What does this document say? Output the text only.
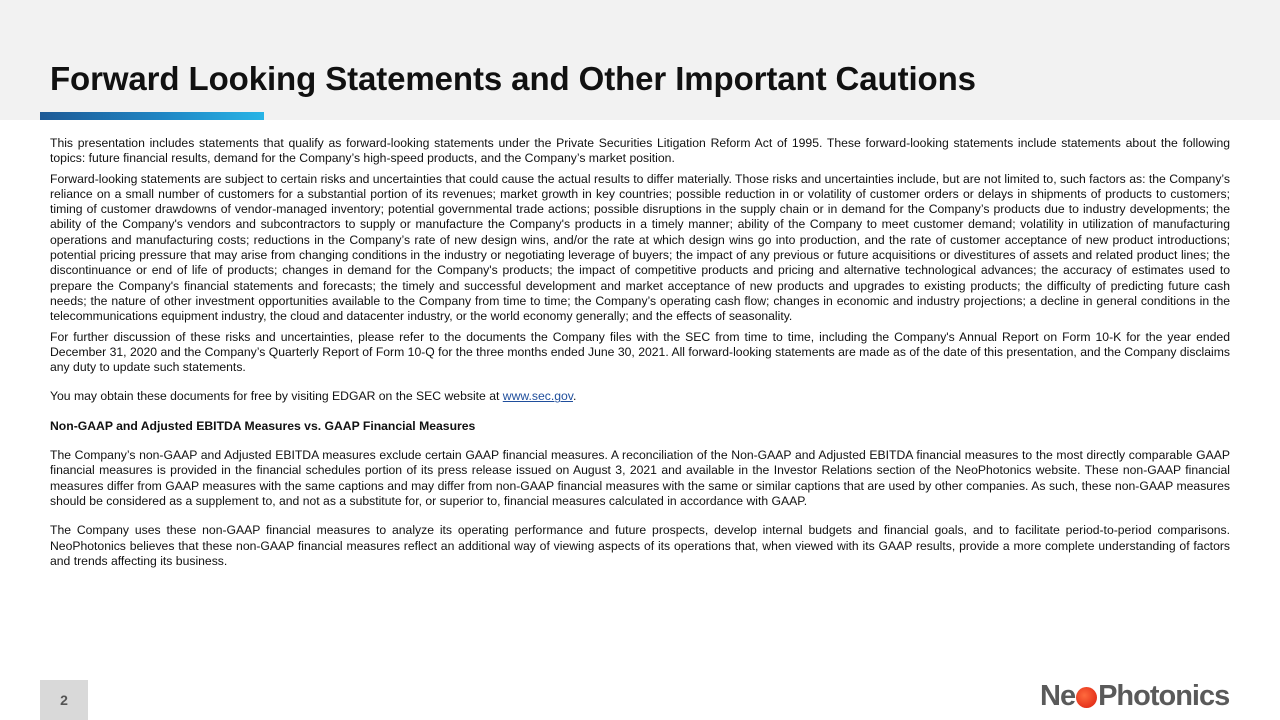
Forward Looking Statements and Other Important Cautions

This presentation includes statements that qualify as forward-looking statements under the Private Securities Litigation Reform Act of 1995. These forward-looking statements include statements about the following topics: future financial results, demand for the Company’s high-speed products, and the Company’s market position.

Forward-looking statements are subject to certain risks and uncertainties that could cause the actual results to differ materially. Those risks and uncertainties include, but are not limited to, such factors as: the Company’s reliance on a small number of customers for a substantial portion of its revenues; market growth in key countries; possible reduction in or volatility of customer orders or delays in shipments of products to customers; timing of customer drawdowns of vendor-managed inventory; potential governmental trade actions; possible disruptions in the supply chain or in demand for the Company’s products due to industry developments; the ability of the Company's vendors and subcontractors to supply or manufacture the Company's products in a timely manner; ability of the Company to meet customer demand; volatility in utilization of manufacturing operations and manufacturing costs; reductions in the Company’s rate of new design wins, and/or the rate at which design wins go into production, and the rate of customer acceptance of new product introductions; potential pricing pressure that may arise from changing conditions in the industry or negotiating leverage of buyers; the impact of any previous or future acquisitions or divestitures of assets and related product lines; the discontinuance or end of life of products; changes in demand for the Company's products; the impact of competitive products and pricing and alternative technological advances; the accuracy of estimates used to prepare the Company's financial statements and forecasts; the timely and successful development and market acceptance of new products and upgrades to existing products; the difficulty of predicting future cash needs; the nature of other investment opportunities available to the Company from time to time; the Company’s operating cash flow; changes in economic and industry projections; a decline in general conditions in the telecommunications equipment industry, the cloud and datacenter industry, or the world economy generally; and the effects of seasonality.

For further discussion of these risks and uncertainties, please refer to the documents the Company files with the SEC from time to time, including the Company's Annual Report on Form 10-K for the year ended December 31, 2020 and the Company’s Quarterly Report of Form 10-Q for the three months ended June 30, 2021. All forward-looking statements are made as of the date of this presentation, and the Company disclaims any duty to update such statements.

You may obtain these documents for free by visiting EDGAR on the SEC website at www.sec.gov.

Non-GAAP and Adjusted EBITDA Measures vs. GAAP Financial Measures

The Company’s non-GAAP and Adjusted EBITDA measures exclude certain GAAP financial measures. A reconciliation of the Non-GAAP and Adjusted EBITDA financial measures to the most directly comparable GAAP financial measures is provided in the financial schedules portion of its press release issued on August 3, 2021 and available in the Investor Relations section of the NeoPhotonics website. These non-GAAP financial measures differ from GAAP measures with the same captions and may differ from non-GAAP financial measures with the same or similar captions that are used by other companies. As such, these non-GAAP measures should be considered as a supplement to, and not as a substitute for, or superior to, financial measures calculated in accordance with GAAP.

The Company uses these non-GAAP financial measures to analyze its operating performance and future prospects, develop internal budgets and financial goals, and to facilitate period-to-period comparisons. NeoPhotonics believes that these non-GAAP financial measures reflect an additional way of viewing aspects of its operations that, when viewed with its GAAP results, provide a more complete understanding of factors and trends affecting its business.

2	Ne Photonics
